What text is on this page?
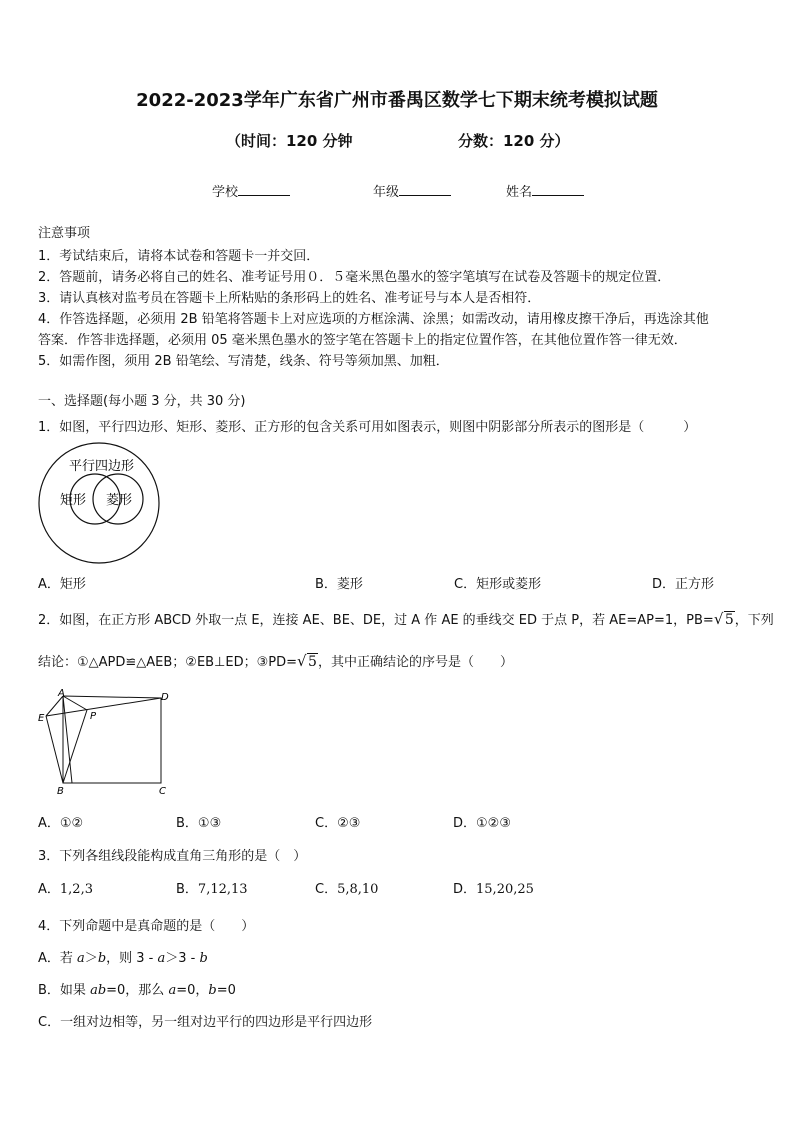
2022-2023学年广东省广州市番禺区数学七下期末统考模拟试题
（时间：120 分钟	分数：120 分）
学校	年级	姓名
注意事项
1．考试结束后，请将本试卷和答题卡一并交回．
2．答题前，请务必将自己的姓名、准考证号用０．５毫米黑色墨水的签字笔填写在试卷及答题卡的规定位置．
3．请认真核对监考员在答题卡上所粘贴的条形码上的姓名、准考证号与本人是否相符．
4．作答选择题，必须用 2B 铅笔将答题卡上对应选项的方框涂满、涂黑；如需改动，请用橡皮擦干净后，再选涂其他
答案．作答非选择题，必须用 05 毫米黑色墨水的签字笔在答题卡上的指定位置作答，在其他位置作答一律无效．
5．如需作图，须用 2B 铅笔绘、写清楚，线条、符号等须加黑、加粗．
一、选择题(每小题 3 分，共 30 分)
1．如图，平行四边形、矩形、菱形、正方形的包含关系可用如图表示，则图中阴影部分所表示的图形是（　　　）
平行四边形
矩形 菱形
A．矩形	B．菱形	C．矩形或菱形	D．正方形
2．如图，在正方形 ABCD 外取一点 E，连接 AE、BE、DE，过 A 作 AE 的垂线交 ED 于点 P，若 AE=AP=1，PB= √ 5，下列
结论：①△APD≌△AEB；②EB⊥ED；③PD= √ 5，其中正确结论的序号是（　　）
A	D
E	P
B	C
A．①②	B．①③	C．②③	D．①②③
3．下列各组线段能构成直角三角形的是（　）
A．1,2,3	B．7,12,13	C．5,8,10	D．15,20,25
4．下列命题中是真命题的是（　　）
A．若 a＞b，则 3 - a＞3 - b
B．如果 ab=0，那么 a=0，b=0
C．一组对边相等，另一组对边平行的四边形是平行四边形
